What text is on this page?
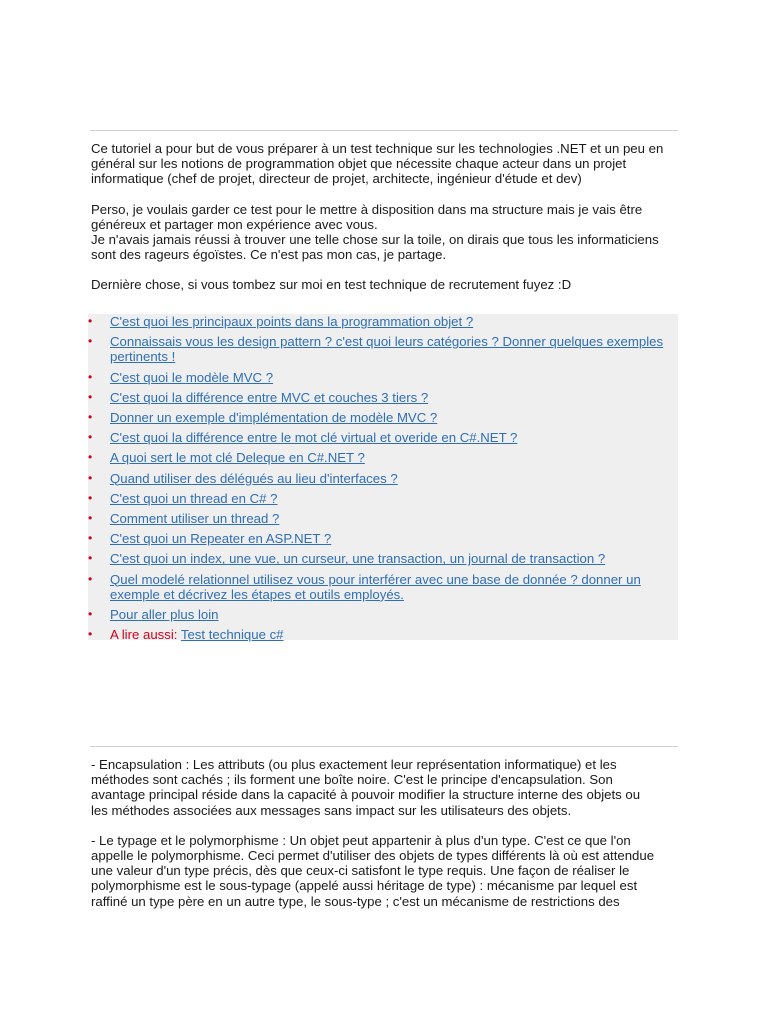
Ce tutoriel a pour but de vous préparer à un test technique sur les technologies .NET et un peu en
général sur les notions de programmation objet que nécessite chaque acteur dans un projet
informatique (chef de projet, directeur de projet, architecte, ingénieur d'étude et dev)

Perso, je voulais garder ce test pour le mettre à disposition dans ma structure mais je vais être
généreux et partager mon expérience avec vous.
Je n'avais jamais réussi à trouver une telle chose sur la toile, on dirais que tous les informaticiens
sont des rageurs égoïstes. Ce n'est pas mon cas, je partage.

Dernière chose, si vous tombez sur moi en test technique de recrutement fuyez :D

• C'est quoi les principaux points dans la programmation objet ?
• Connaissais vous les design pattern ? c'est quoi leurs catégories ? Donner quelques exemples
pertinents !
• C'est quoi le modèle MVC ?
• C'est quoi la différence entre MVC et couches 3 tiers ?
• Donner un exemple d'implémentation de modèle MVC ?
• C'est quoi la différence entre le mot clé virtual et overide en C#.NET ?
• A quoi sert le mot clé Deleque en C#.NET ?
• Quand utiliser des délégués au lieu d'interfaces ?
• C'est quoi un thread en C# ?
• Comment utiliser un thread ?
• C'est quoi un Repeater en ASP.NET ?
• C'est quoi un index, une vue, un curseur, une transaction, un journal de transaction ?
• Quel modelé relationnel utilisez vous pour interférer avec une base de donnée ? donner un
exemple et décrivez les étapes et outils employés.
• Pour aller plus loin
• A lire aussi: Test technique c#

- Encapsulation : Les attributs (ou plus exactement leur représentation informatique) et les
méthodes sont cachés ; ils forment une boîte noire. C'est le principe d'encapsulation. Son
avantage principal réside dans la capacité à pouvoir modifier la structure interne des objets ou
les méthodes associées aux messages sans impact sur les utilisateurs des objets.

- Le typage et le polymorphisme : Un objet peut appartenir à plus d'un type. C'est ce que l'on
appelle le polymorphisme. Ceci permet d'utiliser des objets de types différents là où est attendue
une valeur d'un type précis, dès que ceux-ci satisfont le type requis. Une façon de réaliser le
polymorphisme est le sous-typage (appelé aussi héritage de type) : mécanisme par lequel est
raffiné un type père en un autre type, le sous-type ; c'est un mécanisme de restrictions des
